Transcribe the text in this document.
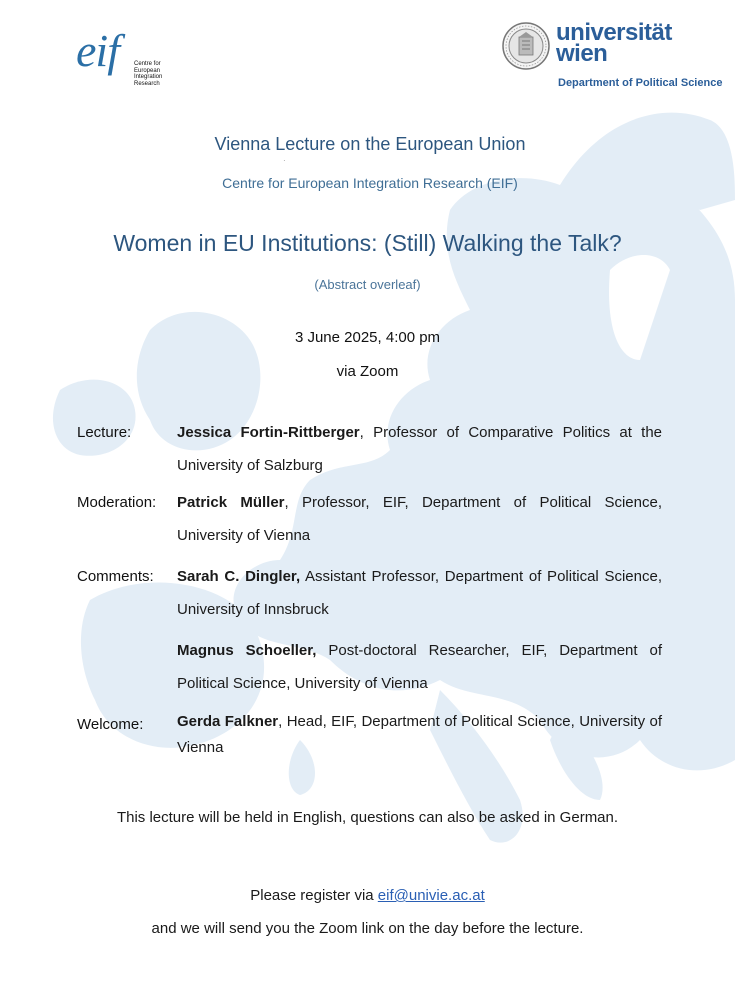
eif	Centre for
European
Integration
Research
universität
wien
Department of Political Science
Vienna Lecture on the European Union
·
Centre for European Integration Research (EIF)
Women in EU Institutions: (Still) Walking the Talk?
(Abstract overleaf)
3 June 2025, 4:00 pm
via Zoom
Lecture:	Jessica Fortin-Rittberger, Professor of Comparative Politics at the University of Salzburg
Moderation: Patrick Müller, Professor, EIF, Department of Political Science, University of Vienna
Comments: Sarah C. Dingler, Assistant Professor, Department of Political Science, University of Innsbruck
Magnus Schoeller, Post-doctoral Researcher, EIF, Department of Political Science, University of Vienna
Welcome: Gerda Falkner, Head, EIF, Department of Political Science, University of Vienna
This lecture will be held in English, questions can also be asked in German.
Please register via eif@univie.ac.at
and we will send you the Zoom link on the day before the lecture.
